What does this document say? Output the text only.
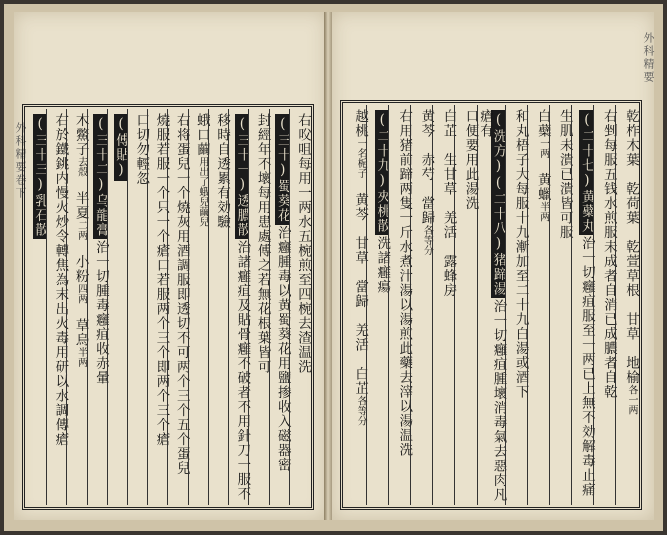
外科精要卷下	右㕮咀每用一两水五椀煎至四椀去渣温洗
(三十)蜀葵花治癰腫毒以黄蜀葵花用鹽掺收入磁器密
封經年不壞每用患處傅之若無花根葉皆可
(三十一)透膿散治諸癰疽及貼骨癰不破者不用針刀一服不
移時自透累有効驗
蛾口繭用出了蛾兒繭兒
右将蛋兒一个燒灰用酒調服即透切不可两个三个五个蛋兒
燒服若服一个只一个瘡口若服两个三个即两个三个瘡
口切勿輕忽
(傅貼)
(三十二)乌龍膏治一切腫毒癰疽收赤暈
木鱉子去殻　半夏二两　小粉四两　草烏半两
右於鐵銚内慢火炒令轉焦為末出火毒用研以水調傳瘡
(三十三)乳石散
外科精要
乾柞木葉　乾荷葉　乾萱草根　甘草　地榆各一两
右剉每服五钱水煎服未成者自消已成膿者自乾
(二十七)黄蘗丸治一切癰疽服至一两已上無不効解毒止痛
生肌未潰已潰皆可服
白蘗一两　黄蠟半两
和丸梧子大每服十九漸加至二十九白湯或酒下
(洗方)(二十八)猪蹄湯治一切癰疽腫壞消毒氣去惡肉凡瘡有
口便要用此湯洗
白芷　生甘草　羌活　露蜂房
黄芩　赤芍　當歸各等分
右用猪前蹄两隻一斤水煮汁湯以湯煎此藥去滓以湯温洗
(二十九)夾桃散洗諸癰瘍
越桃一名梔子　黄芩　甘草　當歸　羌活　白芷各等分
